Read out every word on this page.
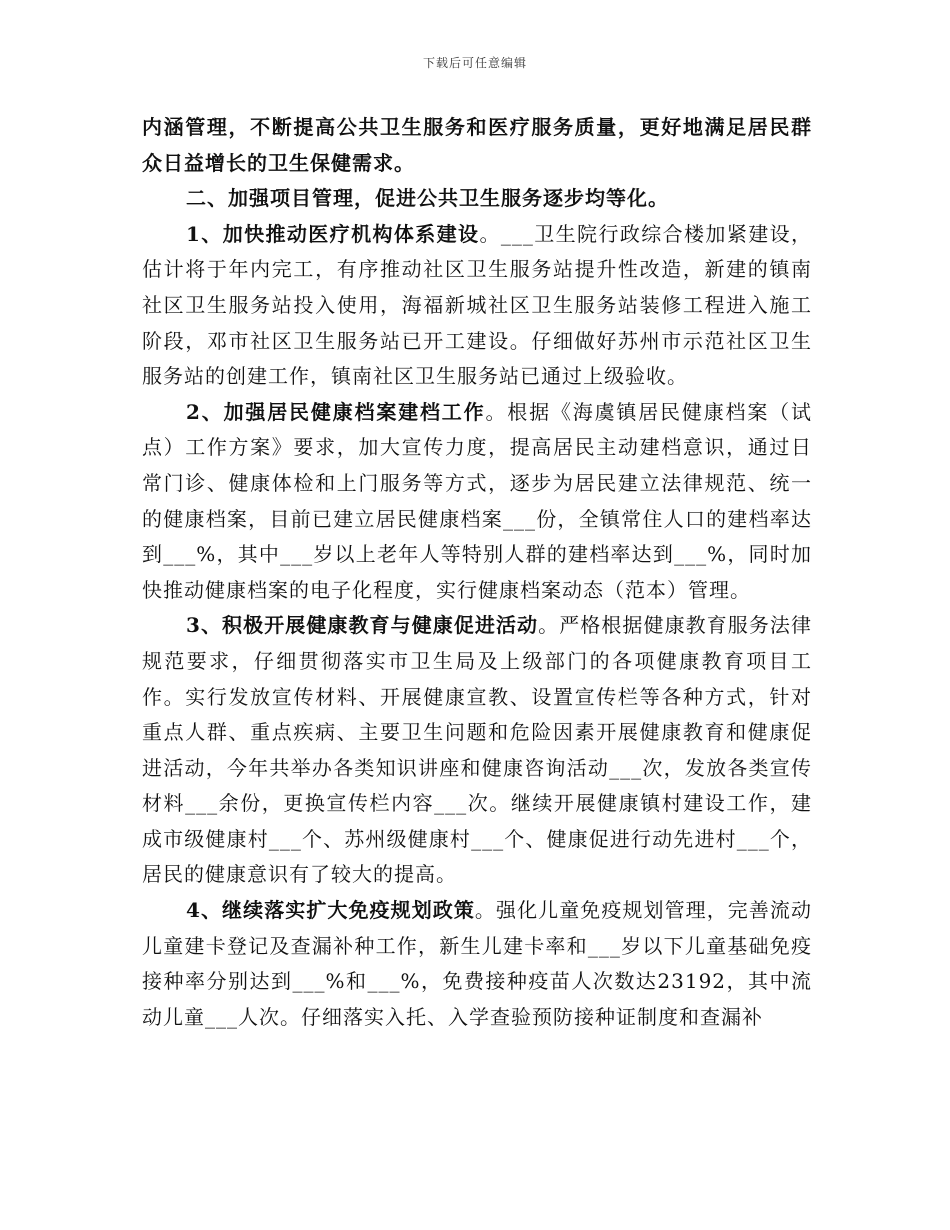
下载后可任意编辑

内涵管理，不断提高公共卫生服务和医疗服务质量，更好地满足居民群众日益增长的卫生保健需求。

二、加强项目管理，促进公共卫生服务逐步均等化。

1、加快推动医疗机构体系建设。___卫生院行政综合楼加紧建设，估计将于年内完工，有序推动社区卫生服务站提升性改造，新建的镇南社区卫生服务站投入使用，海福新城社区卫生服务站装修工程进入施工阶段，邓市社区卫生服务站已开工建设。仔细做好苏州市示范社区卫生服务站的创建工作，镇南社区卫生服务站已通过上级验收。

2、加强居民健康档案建档工作。根据《海虞镇居民健康档案（试点）工作方案》要求，加大宣传力度，提高居民主动建档意识，通过日常门诊、健康体检和上门服务等方式，逐步为居民建立法律规范、统一的健康档案，目前已建立居民健康档案___份，全镇常住人口的建档率达到___%，其中___岁以上老年人等特别人群的建档率达到___%，同时加快推动健康档案的电子化程度，实行健康档案动态（范本）管理。

3、积极开展健康教育与健康促进活动。严格根据健康教育服务法律规范要求，仔细贯彻落实市卫生局及上级部门的各项健康教育项目工作。实行发放宣传材料、开展健康宣教、设置宣传栏等各种方式，针对重点人群、重点疾病、主要卫生问题和危险因素开展健康教育和健康促进活动，今年共举办各类知识讲座和健康咨询活动___次，发放各类宣传材料___余份，更换宣传栏内容___次。继续开展健康镇村建设工作，建成市级健康村___个、苏州级健康村___个、健康促进行动先进村___个，居民的健康意识有了较大的提高。

4、继续落实扩大免疫规划政策。强化儿童免疫规划管理，完善流动儿童建卡登记及查漏补种工作，新生儿建卡率和___岁以下儿童基础免疫接种率分别达到___%和___%，免费接种疫苗人次数达23192，其中流动儿童___人次。仔细落实入托、入学查验预防接种证制度和查漏补
